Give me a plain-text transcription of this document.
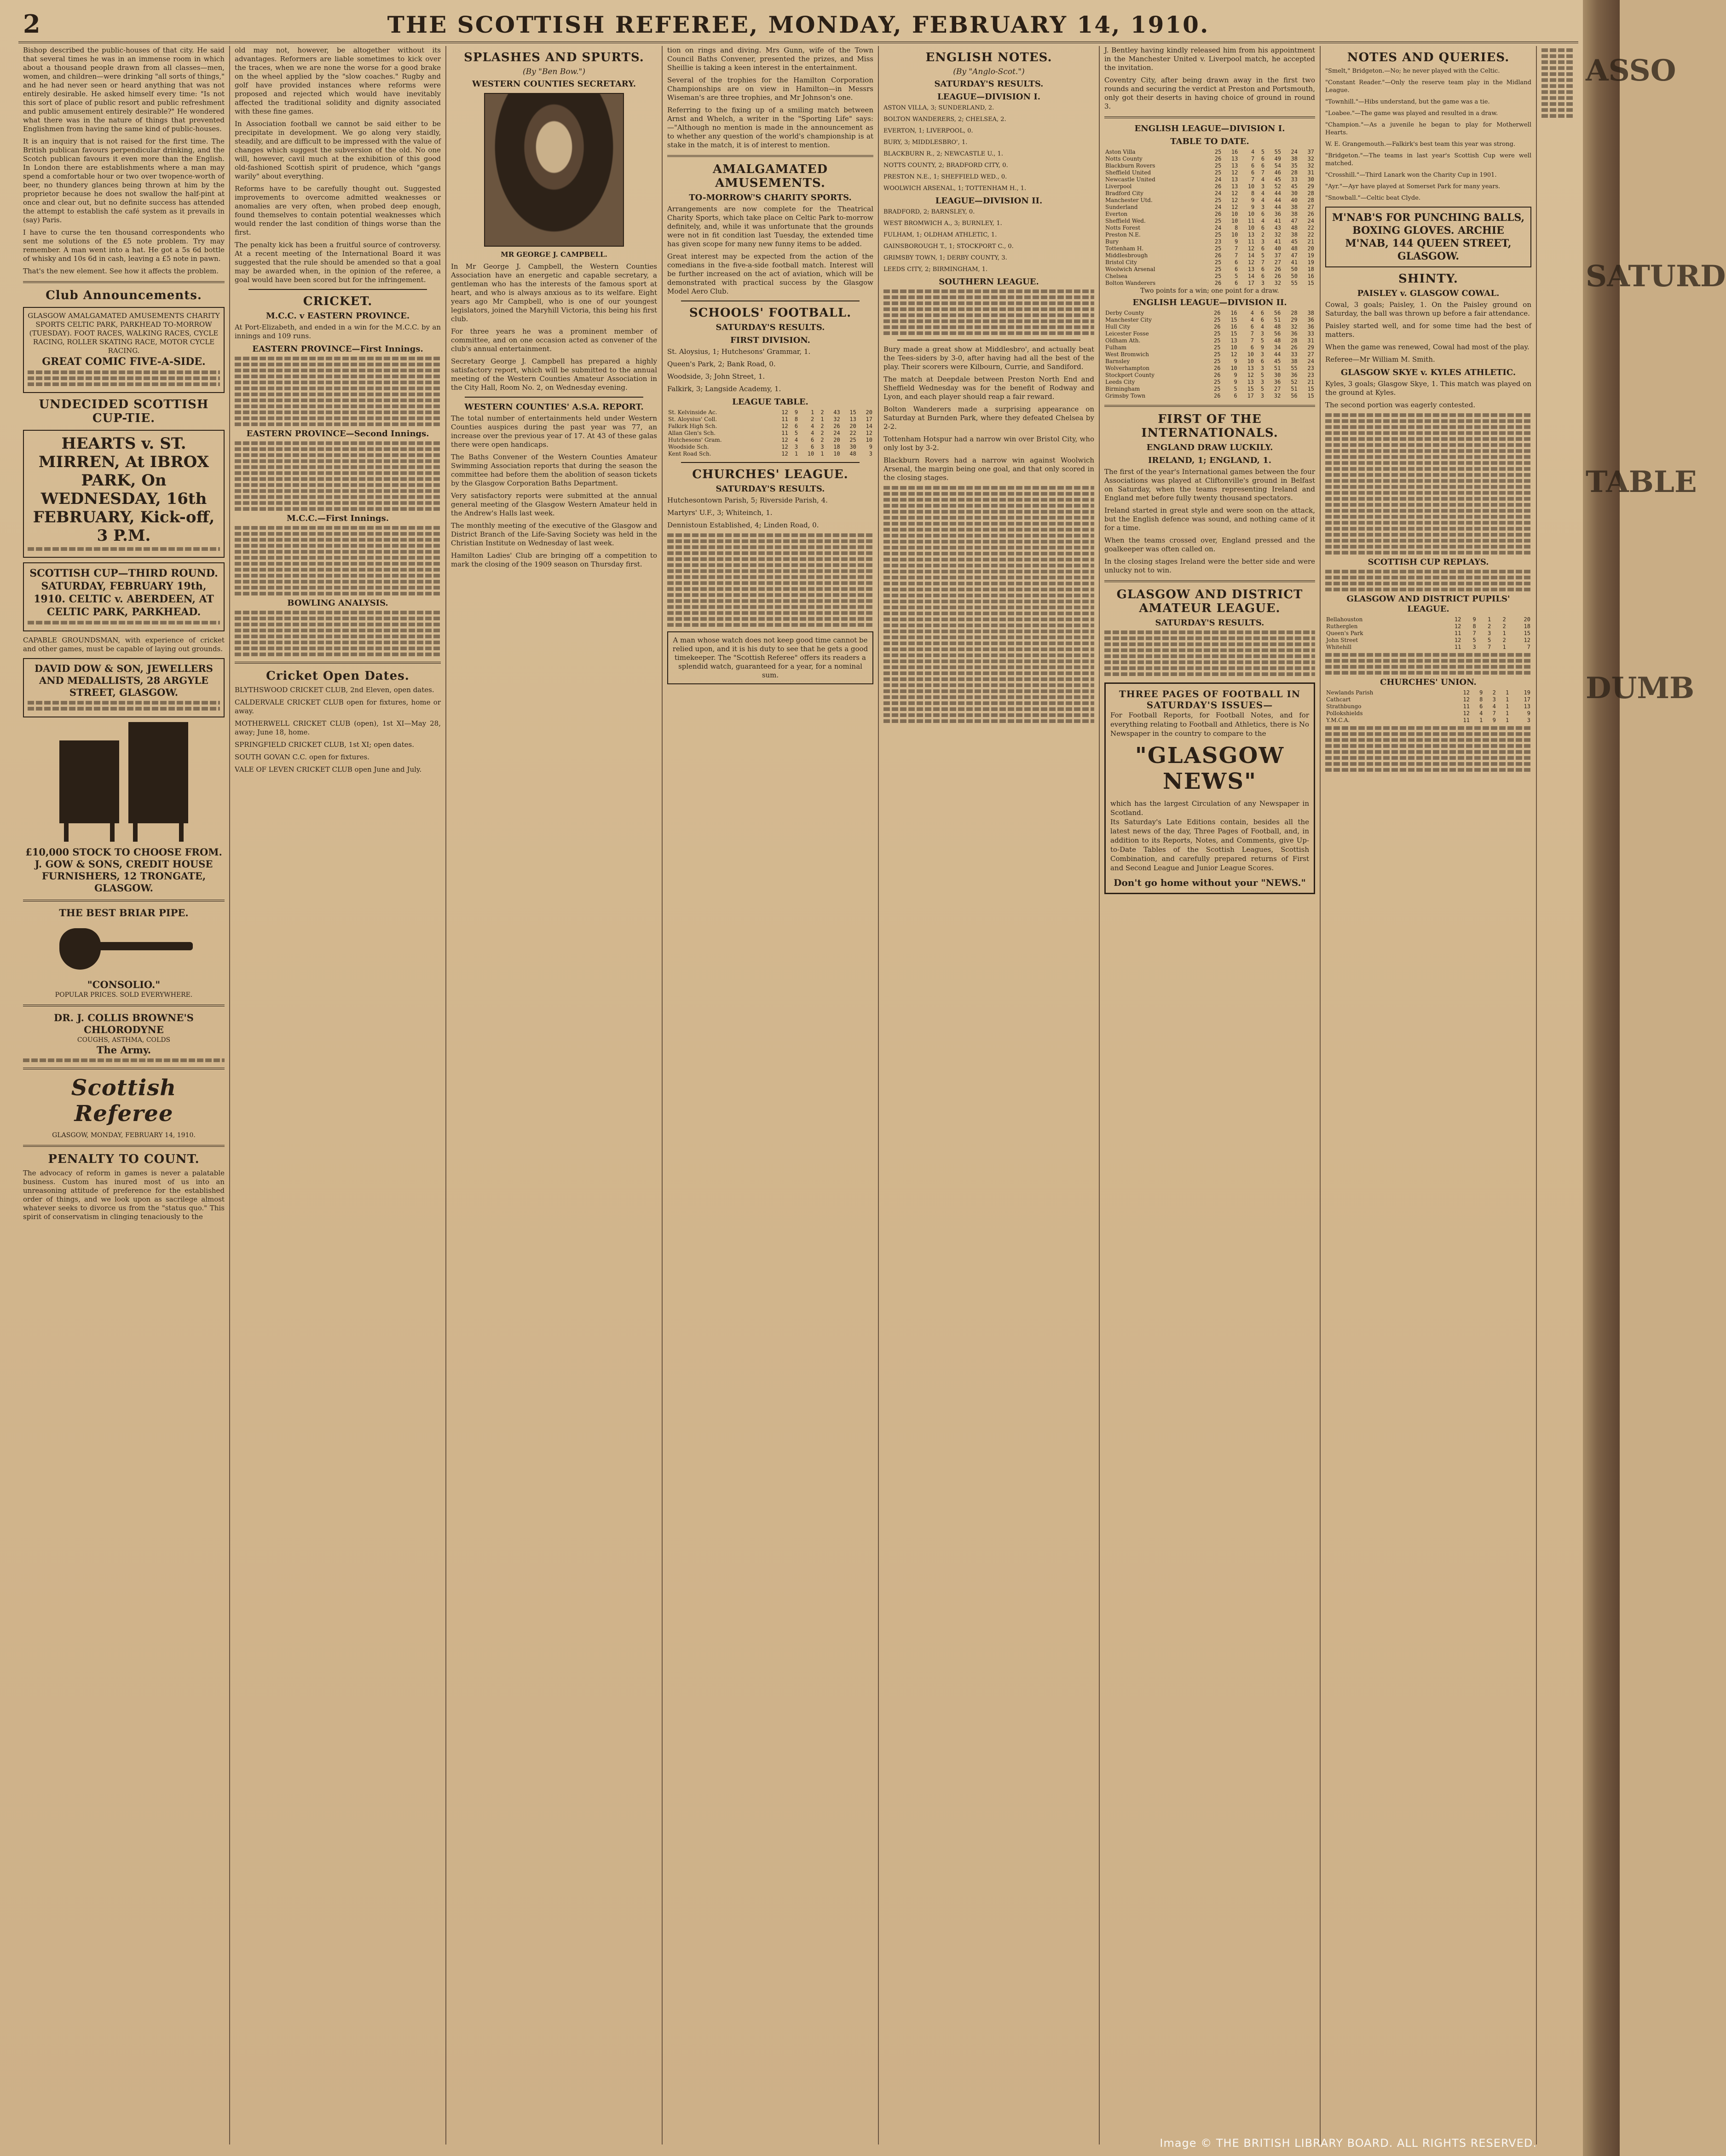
2	THE SCOTTISH REFEREE, MONDAY, FEBRUARY 14, 1910.

Bishop described the public-houses of that city. He said that several times he was in an immense room in which about a thousand people drawn from all classes—men, women, and children—were drinking "all sorts of things," and he had never seen or heard anything that was not entirely desirable. He asked himself every time: "Is not this sort of place of public resort and public refreshment and public amusement entirely desirable?" He wondered what there was in the nature of things that prevented Englishmen from having the same kind of public-houses.

It is an inquiry that is not raised for the first time. The British publican favours perpendicular drinking, and the Scotch publican favours it even more than the English. In London there are establishments where a man may spend a comfortable hour or two over twopence-worth of beer, no thundery glances being thrown at him by the proprietor because he does not swallow the half-pint at once and clear out, but no definite success has attended the attempt to establish the café system as it prevails in (say) Paris.

I have to curse the ten thousand correspondents who sent me solutions of the £5 note problem. Try may remember. A man went into a hat. He got a 5s 6d bottle of whisky and 10s 6d in cash, leaving a £5 note in pawn.

That's the new element. See how it affects the problem.

Club Announcements.
GLASGOW AMALGAMATED AMUSEMENTS CHARITY SPORTS CELTIC PARK, PARKHEAD TO-MORROW (TUESDAY). FOOT RACES, WALKING RACES, CYCLE RACING, ROLLER SKATING RACE, MOTOR CYCLE RACING.
GREAT COMIC FIVE-A-SIDE.
UNDECIDED SCOTTISH CUP-TIE.
HEARTS v. ST. MIRREN, At IBROX PARK, On WEDNESDAY, 16th FEBRUARY, Kick-off, 3 P.M.
SCOTTISH CUP—THIRD ROUND. SATURDAY, FEBRUARY 19th, 1910. CELTIC v. ABERDEEN, AT CELTIC PARK, PARKHEAD.

CAPABLE GROUNDSMAN, with experience of cricket and other games, must be capable of laying out grounds.

DAVID DOW & SON, JEWELLERS AND MEDALLISTS, 28 ARGYLE STREET, GLASGOW.
£10,000 STOCK TO CHOOSE FROM. J. GOW & SONS, CREDIT HOUSE FURNISHERS, 12 TRONGATE, GLASGOW.
THE BEST BRIAR PIPE.
"CONSOLIO."
POPULAR PRICES. SOLD EVERYWHERE.
DR. J. COLLIS BROWNE'S CHLORODYNE
COUGHS, ASTHMA, COLDS
The Army.
Scottish Referee
GLASGOW, MONDAY, FEBRUARY 14, 1910.
PENALTY TO COUNT.

The advocacy of reform in games is never a palatable business. Custom has inured most of us into an unreasoning attitude of preference for the established order of things, and we look upon as sacrilege almost whatever seeks to divorce us from the "status quo." This spirit of conservatism in clinging tenaciously to the

old may not, however, be altogether without its advantages. Reformers are liable sometimes to kick over the traces, when we are none the worse for a good brake on the wheel applied by the "slow coaches." Rugby and golf have provided instances where reforms were proposed and rejected which would have inevitably affected the traditional solidity and dignity associated with these fine games.

In Association football we cannot be said either to be precipitate in development. We go along very staidly, steadily, and are difficult to be impressed with the value of changes which suggest the subversion of the old. No one will, however, cavil much at the exhibition of this good old-fashioned Scottish spirit of prudence, which "gangs warily" about everything.

Reforms have to be carefully thought out. Suggested improvements to overcome admitted weaknesses or anomalies are very often, when probed deep enough, found themselves to contain potential weaknesses which would render the last condition of things worse than the first.

The penalty kick has been a fruitful source of controversy. At a recent meeting of the International Board it was suggested that the rule should be amended so that a goal may be awarded when, in the opinion of the referee, a goal would have been scored but for the infringement.

CRICKET.
M.C.C. v EASTERN PROVINCE.

At Port-Elizabeth, and ended in a win for the M.C.C. by an innings and 109 runs.

EASTERN PROVINCE—First Innings.
EASTERN PROVINCE—Second Innings.
M.C.C.—First Innings.
BOWLING ANALYSIS.
Cricket Open Dates.

BLYTHSWOOD CRICKET CLUB, 2nd Eleven, open dates.

CALDERVALE CRICKET CLUB open for fixtures, home or away.

MOTHERWELL CRICKET CLUB (open), 1st XI—May 28, away; June 18, home.

SPRINGFIELD CRICKET CLUB, 1st XI; open dates.

SOUTH GOVAN C.C. open for fixtures.

VALE OF LEVEN CRICKET CLUB open June and July.

SPLASHES AND SPURTS.
(By "Ben Bow.")
WESTERN COUNTIES SECRETARY.
MR GEORGE J. CAMPBELL.

In Mr George J. Campbell, the Western Counties Association have an energetic and capable secretary, a gentleman who has the interests of the famous sport at heart, and who is always anxious as to its welfare. Eight years ago Mr Campbell, who is one of our youngest legislators, joined the Maryhill Victoria, this being his first club.

For three years he was a prominent member of committee, and on one occasion acted as convener of the club's annual entertainment.

Secretary George J. Campbell has prepared a highly satisfactory report, which will be submitted to the annual meeting of the Western Counties Amateur Association in the City Hall, Room No. 2, on Wednesday evening.

WESTERN COUNTIES' A.S.A. REPORT.

The total number of entertainments held under Western Counties auspices during the past year was 77, an increase over the previous year of 17. At 43 of these galas there were open handicaps.

The Baths Convener of the Western Counties Amateur Swimming Association reports that during the season the committee had before them the abolition of season tickets by the Glasgow Corporation Baths Department.

Very satisfactory reports were submitted at the annual general meeting of the Glasgow Western Amateur held in the Andrew's Halls last week.

The monthly meeting of the executive of the Glasgow and District Branch of the Life-Saving Society was held in the Christian Institute on Wednesday of last week.

Hamilton Ladies' Club are bringing off a competition to mark the closing of the 1909 season on Thursday first.

tion on rings and diving. Mrs Gunn, wife of the Town Council Baths Convener, presented the prizes, and Miss Sheillie is taking a keen interest in the entertainment.

Several of the trophies for the Hamilton Corporation Championships are on view in Hamilton—in Messrs Wiseman's are three trophies, and Mr Johnson's one.

Referring to the fixing up of a smiling match between Arnst and Whelch, a writer in the "Sporting Life" says:—"Although no mention is made in the announcement as to whether any question of the world's championship is at stake in the match, it is of interest to mention.

AMALGAMATED AMUSEMENTS.
TO-MORROW'S CHARITY SPORTS.

Arrangements are now complete for the Theatrical Charity Sports, which take place on Celtic Park to-morrow definitely, and, while it was unfortunate that the grounds were not in fit condition last Tuesday, the extended time has given scope for many new funny items to be added.

Great interest may be expected from the action of the comedians in the five-a-side football match. Interest will be further increased on the act of aviation, which will be demonstrated with practical success by the Glasgow Model Aero Club.

SCHOOLS' FOOTBALL.
SATURDAY'S RESULTS.
FIRST DIVISION.

St. Aloysius, 1; Hutchesons' Grammar, 1.

Queen's Park, 2; Bank Road, 0.

Woodside, 3; John Street, 1.

Falkirk, 3; Langside Academy, 1.

LEAGUE TABLE.
St. Kelvinside Ac.	12	9	1	2	43	15	20
St. Aloysius' Coll.	11	8	2	1	32	13	17
Falkirk High Sch.	12	6	4	2	26	20	14
Allan Glen's Sch.	11	5	4	2	24	22	12
Hutchesons' Gram.	12	4	6	2	20	25	10
Woodside Sch.	12	3	6	3	18	30	9
Kent Road Sch.	12	1	10	1	10	48	3
CHURCHES' LEAGUE.
SATURDAY'S RESULTS.

Hutchesontown Parish, 5; Riverside Parish, 4.

Martyrs' U.F., 3; Whiteinch, 1.

Dennistoun Established, 4; Linden Road, 0.

A man whose watch does not keep good time cannot be relied upon, and it is his duty to see that he gets a good timekeeper. The "Scottish Referee" offers its readers a splendid watch, guaranteed for a year, for a nominal sum.
ENGLISH NOTES.
(By "Anglo-Scot.")
SATURDAY'S RESULTS.
LEAGUE—DIVISION I.

ASTON VILLA, 3; SUNDERLAND, 2.

BOLTON WANDERERS, 2; CHELSEA, 2.

EVERTON, 1; LIVERPOOL, 0.

BURY, 3; MIDDLESBRO', 1.

BLACKBURN R., 2; NEWCASTLE U., 1.

NOTTS COUNTY, 2; BRADFORD CITY, 0.

PRESTON N.E., 1; SHEFFIELD WED., 0.

WOOLWICH ARSENAL, 1; TOTTENHAM H., 1.

LEAGUE—DIVISION II.

BRADFORD, 2; BARNSLEY, 0.

WEST BROMWICH A., 3; BURNLEY, 1.

FULHAM, 1; OLDHAM ATHLETIC, 1.

GAINSBOROUGH T., 1; STOCKPORT C., 0.

GRIMSBY TOWN, 1; DERBY COUNTY, 3.

LEEDS CITY, 2; BIRMINGHAM, 1.

SOUTHERN LEAGUE.

Bury made a great show at Middlesbro', and actually beat the Tees-siders by 3-0, after having had all the best of the play. Their scorers were Kilbourn, Currie, and Sandiford.

The match at Deepdale between Preston North End and Sheffield Wednesday was for the benefit of Rodway and Lyon, and each player should reap a fair reward.

Bolton Wanderers made a surprising appearance on Saturday at Burnden Park, where they defeated Chelsea by 2-2.

Tottenham Hotspur had a narrow win over Bristol City, who only lost by 3-2.

Blackburn Rovers had a narrow win against Woolwich Arsenal, the margin being one goal, and that only scored in the closing stages.

J. Bentley having kindly released him from his appointment in the Manchester United v. Liverpool match, he accepted the invitation.

Coventry City, after being drawn away in the first two rounds and securing the verdict at Preston and Portsmouth, only got their deserts in having choice of ground in round 3.

ENGLISH LEAGUE—DIVISION I.
TABLE TO DATE.
Aston Villa	25	16	4	5	55	24	37
Notts County	26	13	7	6	49	38	32
Blackburn Rovers	25	13	6	6	54	35	32
Sheffield United	25	12	6	7	46	28	31
Newcastle United	24	13	7	4	45	33	30
Liverpool	26	13	10	3	52	45	29
Bradford City	24	12	8	4	44	30	28
Manchester Utd.	25	12	9	4	44	40	28
Sunderland	24	12	9	3	44	38	27
Everton	26	10	10	6	36	38	26
Sheffield Wed.	25	10	11	4	41	47	24
Notts Forest	24	8	10	6	43	48	22
Preston N.E.	25	10	13	2	32	38	22
Bury	23	9	11	3	41	45	21
Tottenham H.	25	7	12	6	40	48	20
Middlesbrough	26	7	14	5	37	47	19
Bristol City	25	6	12	7	27	41	19
Woolwich Arsenal	25	6	13	6	26	50	18
Chelsea	25	5	14	6	26	50	16
Bolton Wanderers	26	6	17	3	32	55	15
Two points for a win; one point for a draw.
ENGLISH LEAGUE—DIVISION II.
Derby County	26	16	4	6	56	28	38
Manchester City	25	15	4	6	51	29	36
Hull City	26	16	6	4	48	32	36
Leicester Fosse	25	15	7	3	56	36	33
Oldham Ath.	25	13	7	5	48	28	31
Fulham	25	10	6	9	34	26	29
West Bromwich	25	12	10	3	44	33	27
Barnsley	25	9	10	6	45	38	24
Wolverhampton	26	10	13	3	51	55	23
Stockport County	26	9	12	5	30	36	23
Leeds City	25	9	13	3	36	52	21
Birmingham	25	5	15	5	27	51	15
Grimsby Town	26	6	17	3	32	56	15
FIRST OF THE INTERNATIONALS.
ENGLAND DRAW LUCKILY.
IRELAND, 1; ENGLAND, 1.

The first of the year's International games between the four Associations was played at Cliftonville's ground in Belfast on Saturday, when the teams representing Ireland and England met before fully twenty thousand spectators.

Ireland started in great style and were soon on the attack, but the English defence was sound, and nothing came of it for a time.

When the teams crossed over, England pressed and the goalkeeper was often called on.

In the closing stages Ireland were the better side and were unlucky not to win.

GLASGOW AND DISTRICT AMATEUR LEAGUE.
SATURDAY'S RESULTS.
THREE PAGES OF FOOTBALL IN SATURDAY'S ISSUES—
For Football Reports, for Football Notes, and for everything relating to Football and Athletics, there is No Newspaper in the country to compare to the
"GLASGOW NEWS"
which has the largest Circulation of any Newspaper in Scotland.
Its Saturday's Late Editions contain, besides all the latest news of the day, Three Pages of Football, and, in addition to its Reports, Notes, and Comments, give Up-to-Date Tables of the Scottish Leagues, Scottish Combination, and carefully prepared returns of First and Second League and Junior League Scores.
Don't go home without your "NEWS."
NOTES AND QUERIES.

"Smelt," Bridgeton.—No; he never played with the Celtic.

"Constant Reader."—Only the reserve team play in the Midland League.

"Townhill."—Hibs understand, but the game was a tie.

"Loabee."—The game was played and resulted in a draw.

"Champion."—As a juvenile he began to play for Motherwell Hearts.

W. E. Grangemouth.—Falkirk's best team this year was strong.

"Bridgeton."—The teams in last year's Scottish Cup were well matched.

"Crosshill."—Third Lanark won the Charity Cup in 1901.

"Ayr."—Ayr have played at Somerset Park for many years.

"Snowball."—Celtic beat Clyde.

M'NAB'S FOR PUNCHING BALLS, BOXING GLOVES. ARCHIE M'NAB, 144 QUEEN STREET, GLASGOW.
SHINTY.
PAISLEY v. GLASGOW COWAL.

Cowal, 3 goals; Paisley, 1. On the Paisley ground on Saturday, the ball was thrown up before a fair attendance.

Paisley started well, and for some time had the best of matters.

When the game was renewed, Cowal had most of the play.

Referee—Mr William M. Smith.

GLASGOW SKYE v. KYLES ATHLETIC.

Kyles, 3 goals; Glasgow Skye, 1. This match was played on the ground at Kyles.

The second portion was eagerly contested.

SCOTTISH CUP REPLAYS.
GLASGOW AND DISTRICT PUPILS' LEAGUE.
Bellahouston	12	9	1	2	20
Rutherglen	12	8	2	2	18
Queen's Park	11	7	3	1	15
John Street	12	5	5	2	12
Whitehill	11	3	7	1	7
CHURCHES' UNION.
Newlands Parish	12	9	2	1	19
Cathcart	12	8	3	1	17
Strathbungo	11	6	4	1	13
Pollokshields	12	4	7	1	9
Y.M.C.A.	11	1	9	1	3
Image © THE BRITISH LIBRARY BOARD. ALL RIGHTS RESERVED.
ASSO
SATURD
TABLE
DUMB
